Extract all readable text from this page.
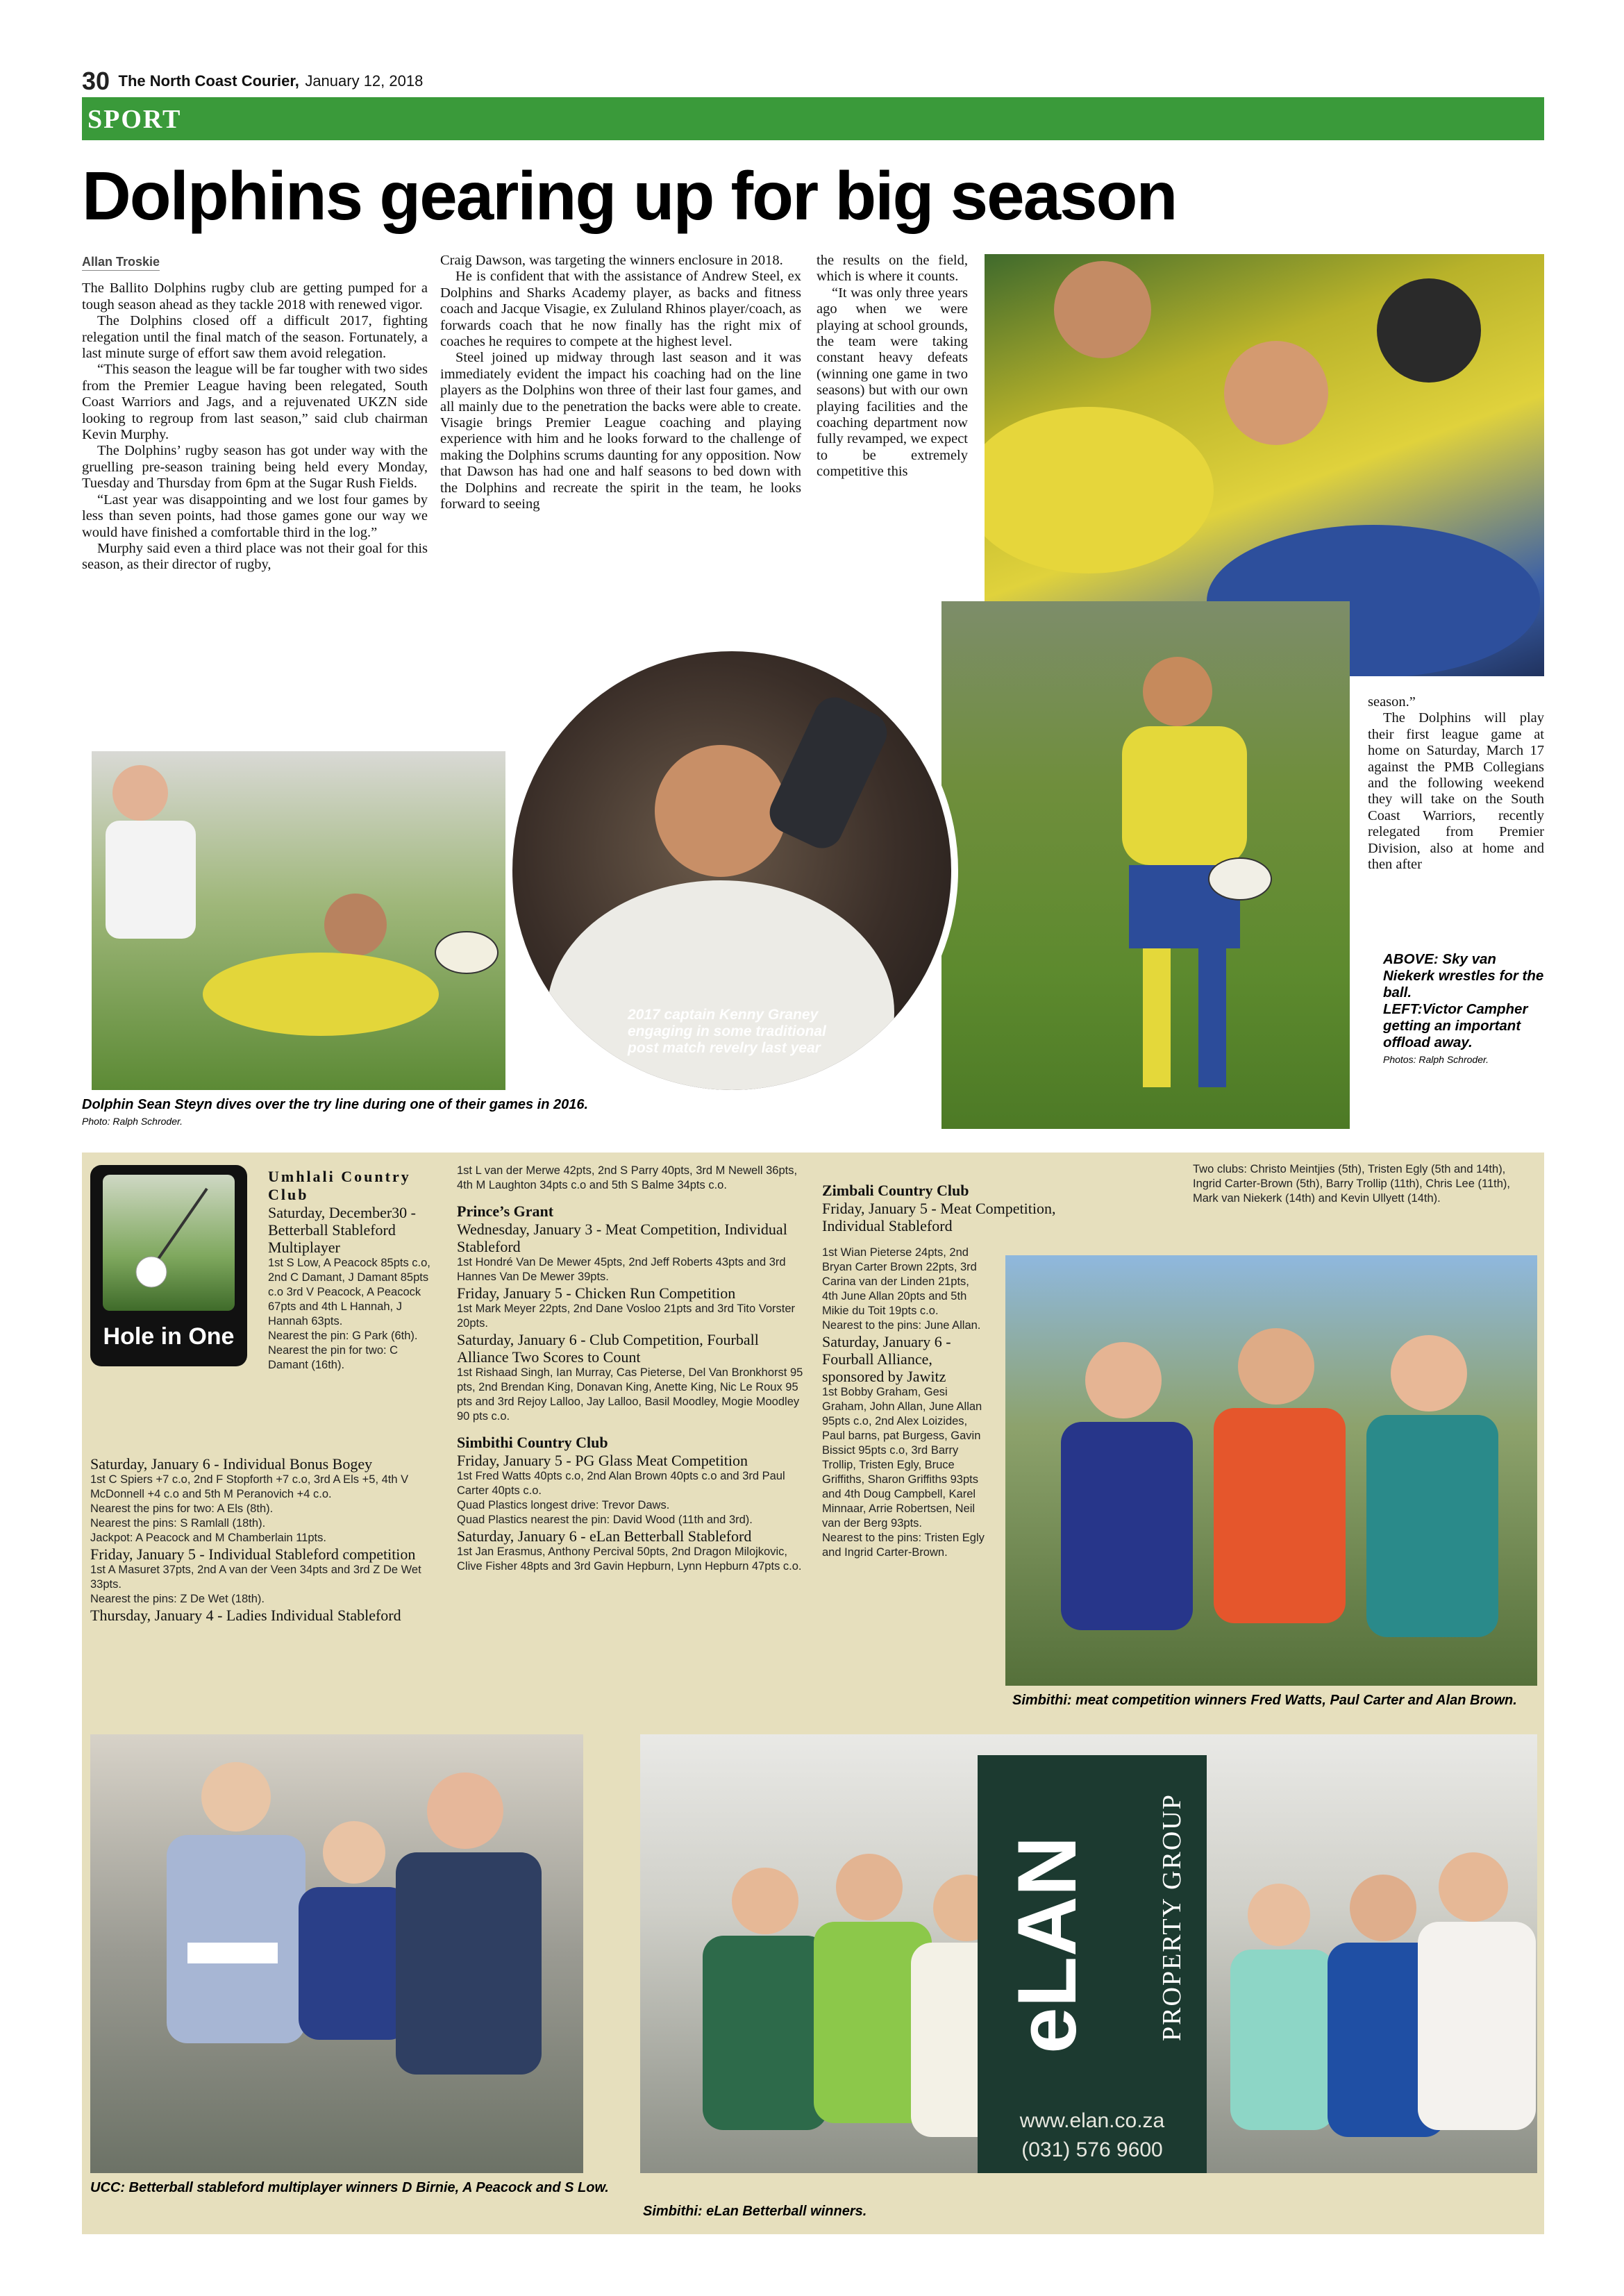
30 The North Coast Courier, January 12, 2018
SPORT
Dolphins gearing up for big season
Allan Troskie

The Ballito Dolphins rugby club are getting pumped for a tough season ahead as they tackle 2018 with renewed vigor.

The Dolphins closed off a difficult 2017, fighting relegation until the final match of the season. Fortunately, a last minute surge of effort saw them avoid relegation.

“This season the league will be far tougher with two sides from the Premier League having been relegated, South Coast Warriors and Jags, and a rejuvenated UKZN side looking to regroup from last season,” said club chairman Kevin Murphy.

The Dolphins’ rugby season has got under way with the gruelling pre-season training being held every Monday, Tuesday and Thursday from 6pm at the Sugar Rush Fields.

“Last year was disappointing and we lost four games by less than seven points, had those games gone our way we would have finished a comfortable third in the log.”

Murphy said even a third place was not their goal for this season, as their director of rugby,

Craig Dawson, was targeting the winners enclosure in 2018.

He is confident that with the assistance of Andrew Steel, ex Dolphins and Sharks Academy player, as backs and fitness coach and Jacque Visagie, ex Zululand Rhinos player/coach, as forwards coach that he now finally has the right mix of coaches he requires to compete at the highest level.

Steel joined up midway through last season and it was immediately evident the impact his coaching had on the line players as the Dolphins won three of their last four games, and all mainly due to the penetration the backs were able to create. Visagie brings Premier League coaching and playing experience with him and he looks forward to the challenge of making the Dolphins scrums daunting for any opposition. Now that Dawson has had one and half seasons to bed down with the Dolphins and recreate the spirit in the team, he looks forward to seeing

the results on the field, which is where it counts.

“It was only three years ago when we were playing at school grounds, the team were taking constant heavy defeats (winning one game in two seasons) but with our own playing facilities and the coaching department now fully revamped, we expect to be extremely competitive this

season.”

The Dolphins will play their first league game at home on Saturday, March 17 against the PMB Collegians and the following weekend they will take on the South Coast Warriors, recently relegated from Premier Division, also at home and then after

Dolphin Sean Steyn dives over the try line during one of their games in 2016. Photo: Ralph Schroder.
2017 captain Kenny Graney engaging in some traditional post match revelry last year
ABOVE: Sky van Niekerk wrestles for the ball.
LEFT:Victor Campher getting an important offload away.
Photos: Ralph Schroder.
Hole in One
Umhlali Country Club
Saturday, December30 - Betterball Stableford Multiplayer
1st S Low, A Peacock 85pts c.o, 2nd C Damant, J Damant 85pts c.o 3rd V Peacock, A Peacock 67pts and 4th L Hannah, J Hannah 63pts.
Nearest the pin: G Park (6th).
Nearest the pin for two: C Damant (16th).
Saturday, January 6 - Individual Bonus Bogey
1st C Spiers +7 c.o, 2nd F Stopforth +7 c.o, 3rd A Els +5, 4th V McDonnell +4 c.o and 5th M Peranovich +4 c.o.
Nearest the pins for two: A Els (8th).
Nearest the pins: S Ramlall (18th).
Jackpot: A Peacock and M Chamberlain 11pts.
Friday, January 5 - Individual Stableford competition
1st A Masuret 37pts, 2nd A van der Veen 34pts and 3rd Z De Wet 33pts.
Nearest the pins: Z De Wet (18th).
Thursday, January 4 - Ladies Individual Stableford
1st L van der Merwe 42pts, 2nd S Parry 40pts, 3rd M Newell 36pts, 4th M Laughton 34pts c.o and 5th S Balme 34pts c.o.
Prince’s Grant
Wednesday, January 3 - Meat Competition, Individual Stableford
1st Hondré Van De Mewer 45pts, 2nd Jeff Roberts 43pts and 3rd Hannes Van De Mewer 39pts.
Friday, January 5 - Chicken Run Competition
1st Mark Meyer 22pts, 2nd Dane Vosloo 21pts and 3rd Tito Vorster 20pts.
Saturday, January 6 - Club Competition, Fourball Alliance Two Scores to Count
1st Rishaad Singh, Ian Murray, Cas Pieterse, Del Van Bronkhorst 95 pts, 2nd Brendan King, Donavan King, Anette King, Nic Le Roux 95 pts and 3rd Rejoy Lalloo, Jay Lalloo, Basil Moodley, Mogie Moodley 90 pts c.o.
Simbithi Country Club
Friday, January 5 - PG Glass Meat Competition
1st Fred Watts 40pts c.o, 2nd Alan Brown 40pts c.o and 3rd Paul Carter 40pts c.o.
Quad Plastics longest drive: Trevor Daws.
Quad Plastics nearest the pin: David Wood (11th and 3rd).
Saturday, January 6 - eLan Betterball Stableford
1st Jan Erasmus, Anthony Percival 50pts, 2nd Dragon Milojkovic, Clive Fisher 48pts and 3rd Gavin Hepburn, Lynn Hepburn 47pts c.o.
Zimbali Country Club
Friday, January 5 - Meat Competition, Individual Stableford
1st Wian Pieterse 24pts, 2nd Bryan Carter Brown 22pts, 3rd Carina van der Linden 21pts, 4th June Allan 20pts and 5th Mikie du Toit 19pts c.o.
Nearest to the pins: June Allan.
Saturday, January 6 - Fourball Alliance, sponsored by Jawitz
1st Bobby Graham, Gesi Graham, John Allan, June Allan 95pts c.o, 2nd Alex Loizides, Paul barns, pat Burgess, Gavin Bissict 95pts c.o, 3rd Barry Trollip, Tristen Egly, Bruce Griffiths, Sharon Griffiths 93pts and 4th Doug Campbell, Karel Minnaar, Arrie Robertsen, Neil van der Berg 93pts.
Nearest to the pins: Tristen Egly and Ingrid Carter-Brown.
Two clubs: Christo Meintjies (5th), Tristen Egly (5th and 14th), Ingrid Carter-Brown (5th), Barry Trollip (11th), Chris Lee (11th), Mark van Niekerk (14th) and Kevin Ullyett (14th).
Simbithi: meat competition winners Fred Watts, Paul Carter and Alan Brown.
UCC: Betterball stableford multiplayer winners D Birnie, A Peacock and S Low.
eLAN PROPERTY GROUP
www.elan.co.za
(031) 576 9600
Simbithi: eLan Betterball winners.
